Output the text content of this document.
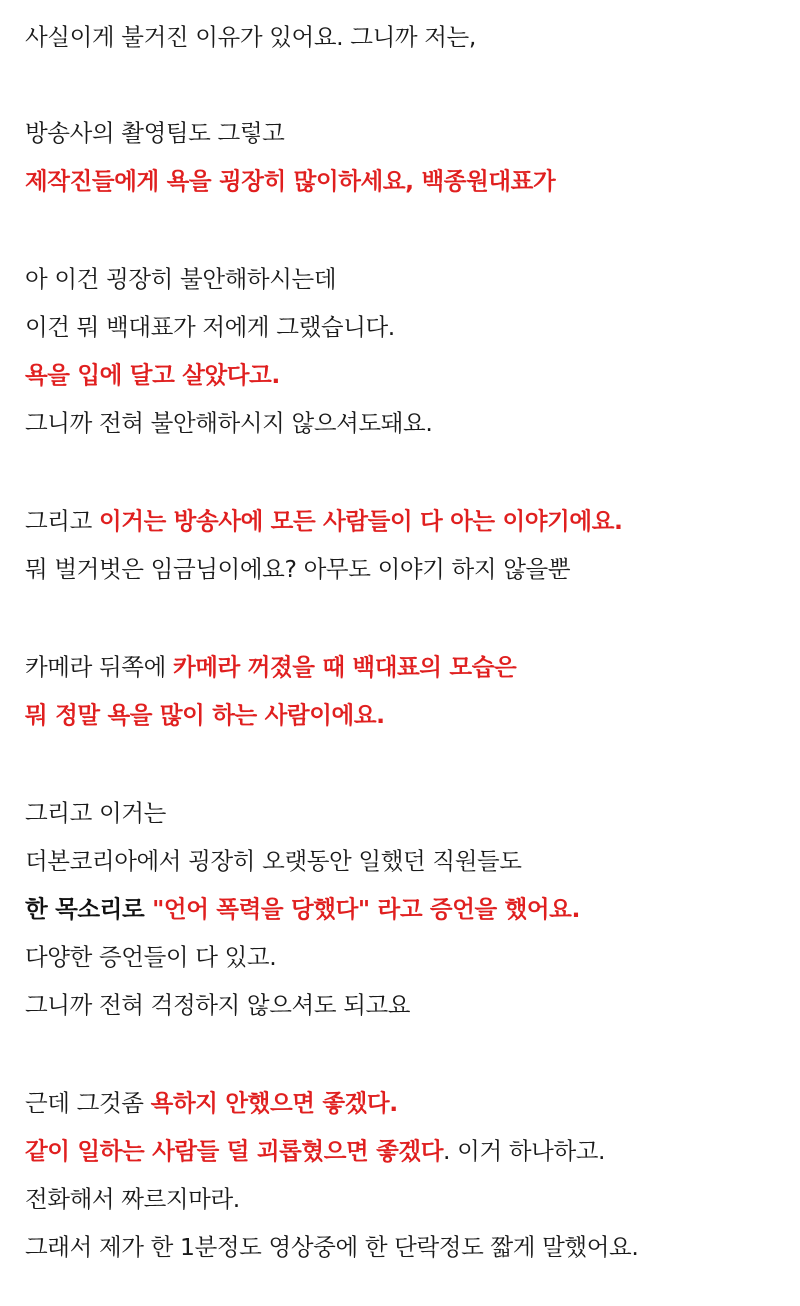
사실이게 불거진 이유가 있어요. 그니까 저는,
방송사의 촬영팀도 그렇고
제작진들에게 욕을 굉장히 많이하세요, 백종원대표가
아 이건 굉장히 불안해하시는데
이건 뭐 백대표가 저에게 그랬습니다.
욕을 입에 달고 살았다고.
그니까 전혀 불안해하시지 않으셔도돼요.
그리고 이거는 방송사에 모든 사람들이 다 아는 이야기에요.
뭐 벌거벗은 임금님이에요? 아무도 이야기 하지 않을뿐
카메라 뒤쪽에 카메라 꺼졌을 때 백대표의 모습은
뭐 정말 욕을 많이 하는 사람이에요.
그리고 이거는
더본코리아에서 굉장히 오랫동안 일했던 직원들도
한 목소리로 "언어 폭력을 당했다" 라고 증언을 했어요.
다양한 증언들이 다 있고.
그니까 전혀 걱정하지 않으셔도 되고요
근데 그것좀 욕하지 안했으면 좋겠다.
같이 일하는 사람들 덜 괴롭혔으면 좋겠다. 이거 하나하고.
전화해서 짜르지마라.
그래서 제가 한 1분정도 영상중에 한 단락정도 짧게 말했어요.
